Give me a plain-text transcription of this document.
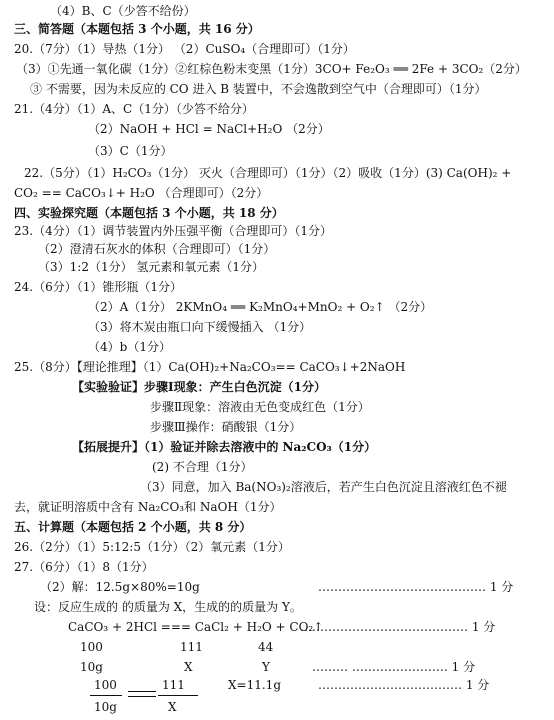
（4）B、C（少答不给份）
三、简答题（本题包括 3 个小题，共 16 分）
20.（7分）（1）导热（1分） （2）CuSO₄（合理即可）（1分）
（3）①先通一氧化碳（1分）②红棕色粉末变黑（1分）3CO+ Fe₂O₃ ══ 2Fe + 3CO₂（2分）
③ 不需要，因为未反应的 CO 进入 B 装置中，不会逸散到空气中（合理即可）（1分）
21.（4分）（1）A、C（1分）（少答不给分）
（2）NaOH + HCl = NaCl+H₂O （2分）
（3）C（1分）
22.（5分）（1）H₂CO₃（1分） 灭火（合理即可）（1分）（2）吸收（1分）(3) Ca(OH)₂ +
CO₂ == CaCO₃↓+ H₂O （合理即可）（2分）
四、实验探究题（本题包括 3 个小题，共 18 分）
23.（4分）（1）调节装置内外压强平衡（合理即可）（1分）
（2）澄清石灰水的体积（合理即可）（1分）
（3）1:2（1分） 氢元素和氧元素（1分）
24.（6分）（1）锥形瓶（1分）
（2）A（1分） 2KMnO₄ ══ K₂MnO₄+MnO₂ + O₂↑ （2分）
（3）将木炭由瓶口向下缓慢插入 （1分）
（4）b（1分）
25.（8分）【理论推理】（1）Ca(OH)₂+Na₂CO₃== CaCO₃↓+2NaOH
【实验验证】步骤Ⅰ现象：产生白色沉淀（1分）
步骤Ⅱ现象：溶液由无色变成红色（1分）
步骤Ⅲ操作：硝酸银（1分）
【拓展提升】（1）验证并除去溶液中的 Na₂CO₃（1分）
(2) 不合理（1分）
（3）同意，加入 Ba(NO₃)₂溶液后，若产生白色沉淀且溶液红色不褪
去，就证明溶质中含有 Na₂CO₃和 NaOH（1分）
五、计算题（本题包括 2 个小题，共 8 分）
26.（2分）（1）5:12:5（1分）（2）氧元素（1分）
27.（6分）（1）8（1分）
（2）解：12.5g×80%=10g	…………………………………… 1 分
设：反应生成的 的质量为 X，生成的的质量为 Y。
CaCO₃ + 2HCl === CaCl₂ + H₂O + CO₂↑
…………………………………… 1 分
100	111	44
10g	X	Y	……… …………………… 1 分
100
10g
111
X
X=11.1g	……………………………… 1 分
